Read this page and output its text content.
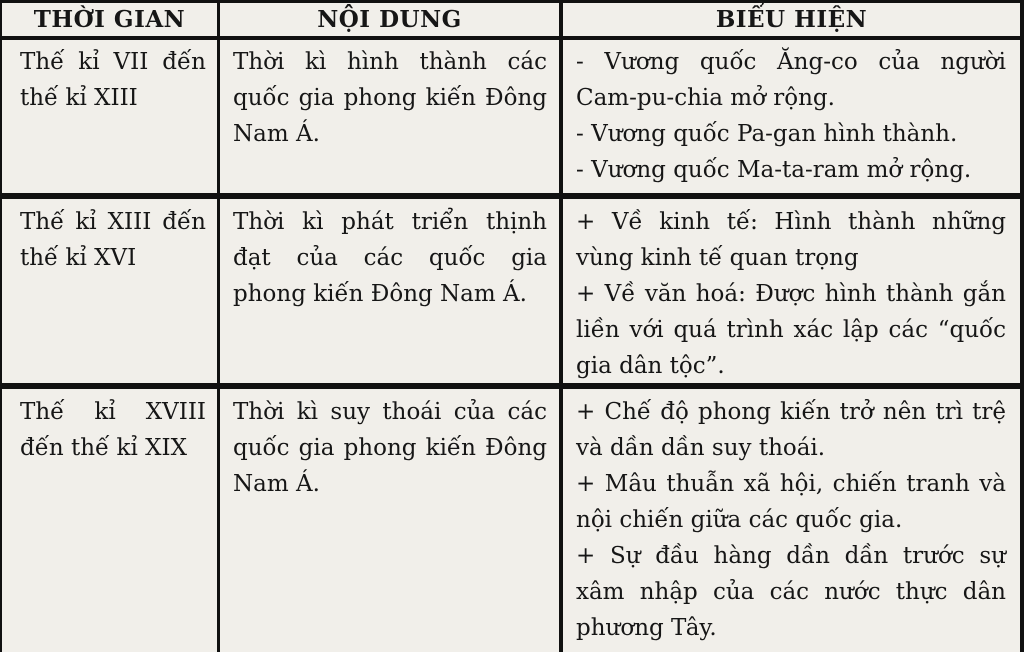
THỜI GIAN	NỘI DUNG	BIỂU HIỆN
Thế kỉ VII đến thế kỉ XIII
Thời kì hình thành các quốc gia phong kiến Đông Nam Á.

- Vương quốc Ăng-co của người Cam-pu-chia mở rộng.

- Vương quốc Pa-gan hình thành.

- Vương quốc Ma-ta-ram mở rộng.

Thế kỉ XIII đến thế kỉ XVI
Thời kì phát triển thịnh đạt của các quốc gia phong kiến Đông Nam Á.

+ Về kinh tế: Hình thành những vùng kinh tế quan trọng

+ Về văn hoá: Được hình thành gắn liền với quá trình xác lập các “quốc gia dân tộc”.

Thế kỉ XVIII đến thế kỉ XIX
Thời kì suy thoái của các quốc gia phong kiến Đông Nam Á.

+ Chế độ phong kiến trở nên trì trệ và dần dần suy thoái.

+ Mâu thuẫn xã hội, chiến tranh và nội chiến giữa các quốc gia.

+ Sự đầu hàng dần dần trước sự xâm nhập của các nước thực dân phương Tây.
